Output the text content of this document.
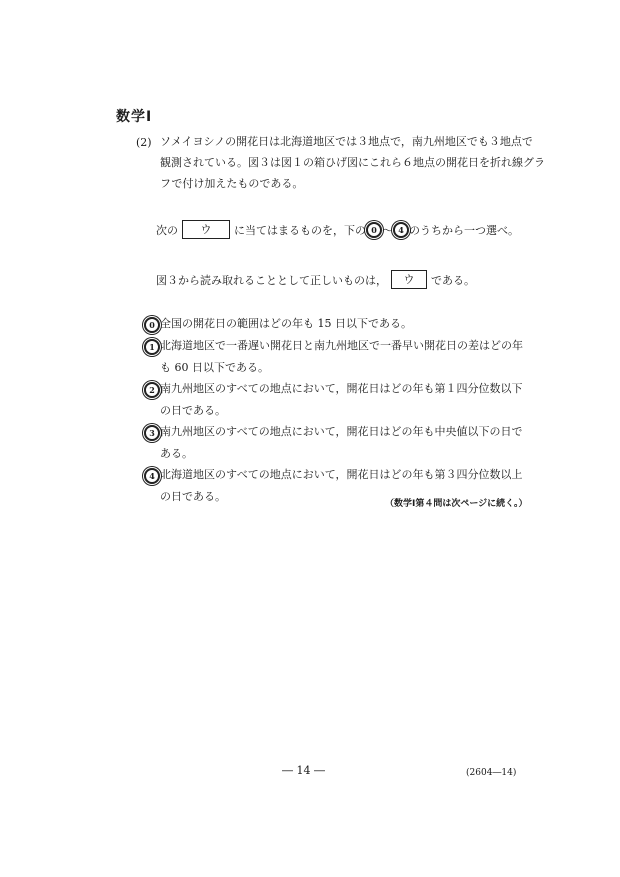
数学Ⅰ
(2) ソメイヨシノの開花日は北海道地区では３地点で，南九州地区でも３地点で
観測されている。図３は図１の箱ひげ図にこれら６地点の開花日を折れ線グラ
フで付け加えたものである。
次の	ウ	に当てはまるものを，下の 0 ～ 4 のうちから一つ選べ。
図３から読み取れることとして正しいものは，	ウ	である。
0 全国の開花日の範囲はどの年も 15 日以下である。
1 北海道地区で一番遅い開花日と南九州地区で一番早い開花日の差はどの年
も 60 日以下である。
2 南九州地区のすべての地点において，開花日はどの年も第１四分位数以下
の日である。
3 南九州地区のすべての地点において，開花日はどの年も中央値以下の日で
ある。
4 北海道地区のすべての地点において，開花日はどの年も第３四分位数以上
の日である。
（数学Ⅰ第４問は次ページに続く。）
― 14 ―	(2604―14)
